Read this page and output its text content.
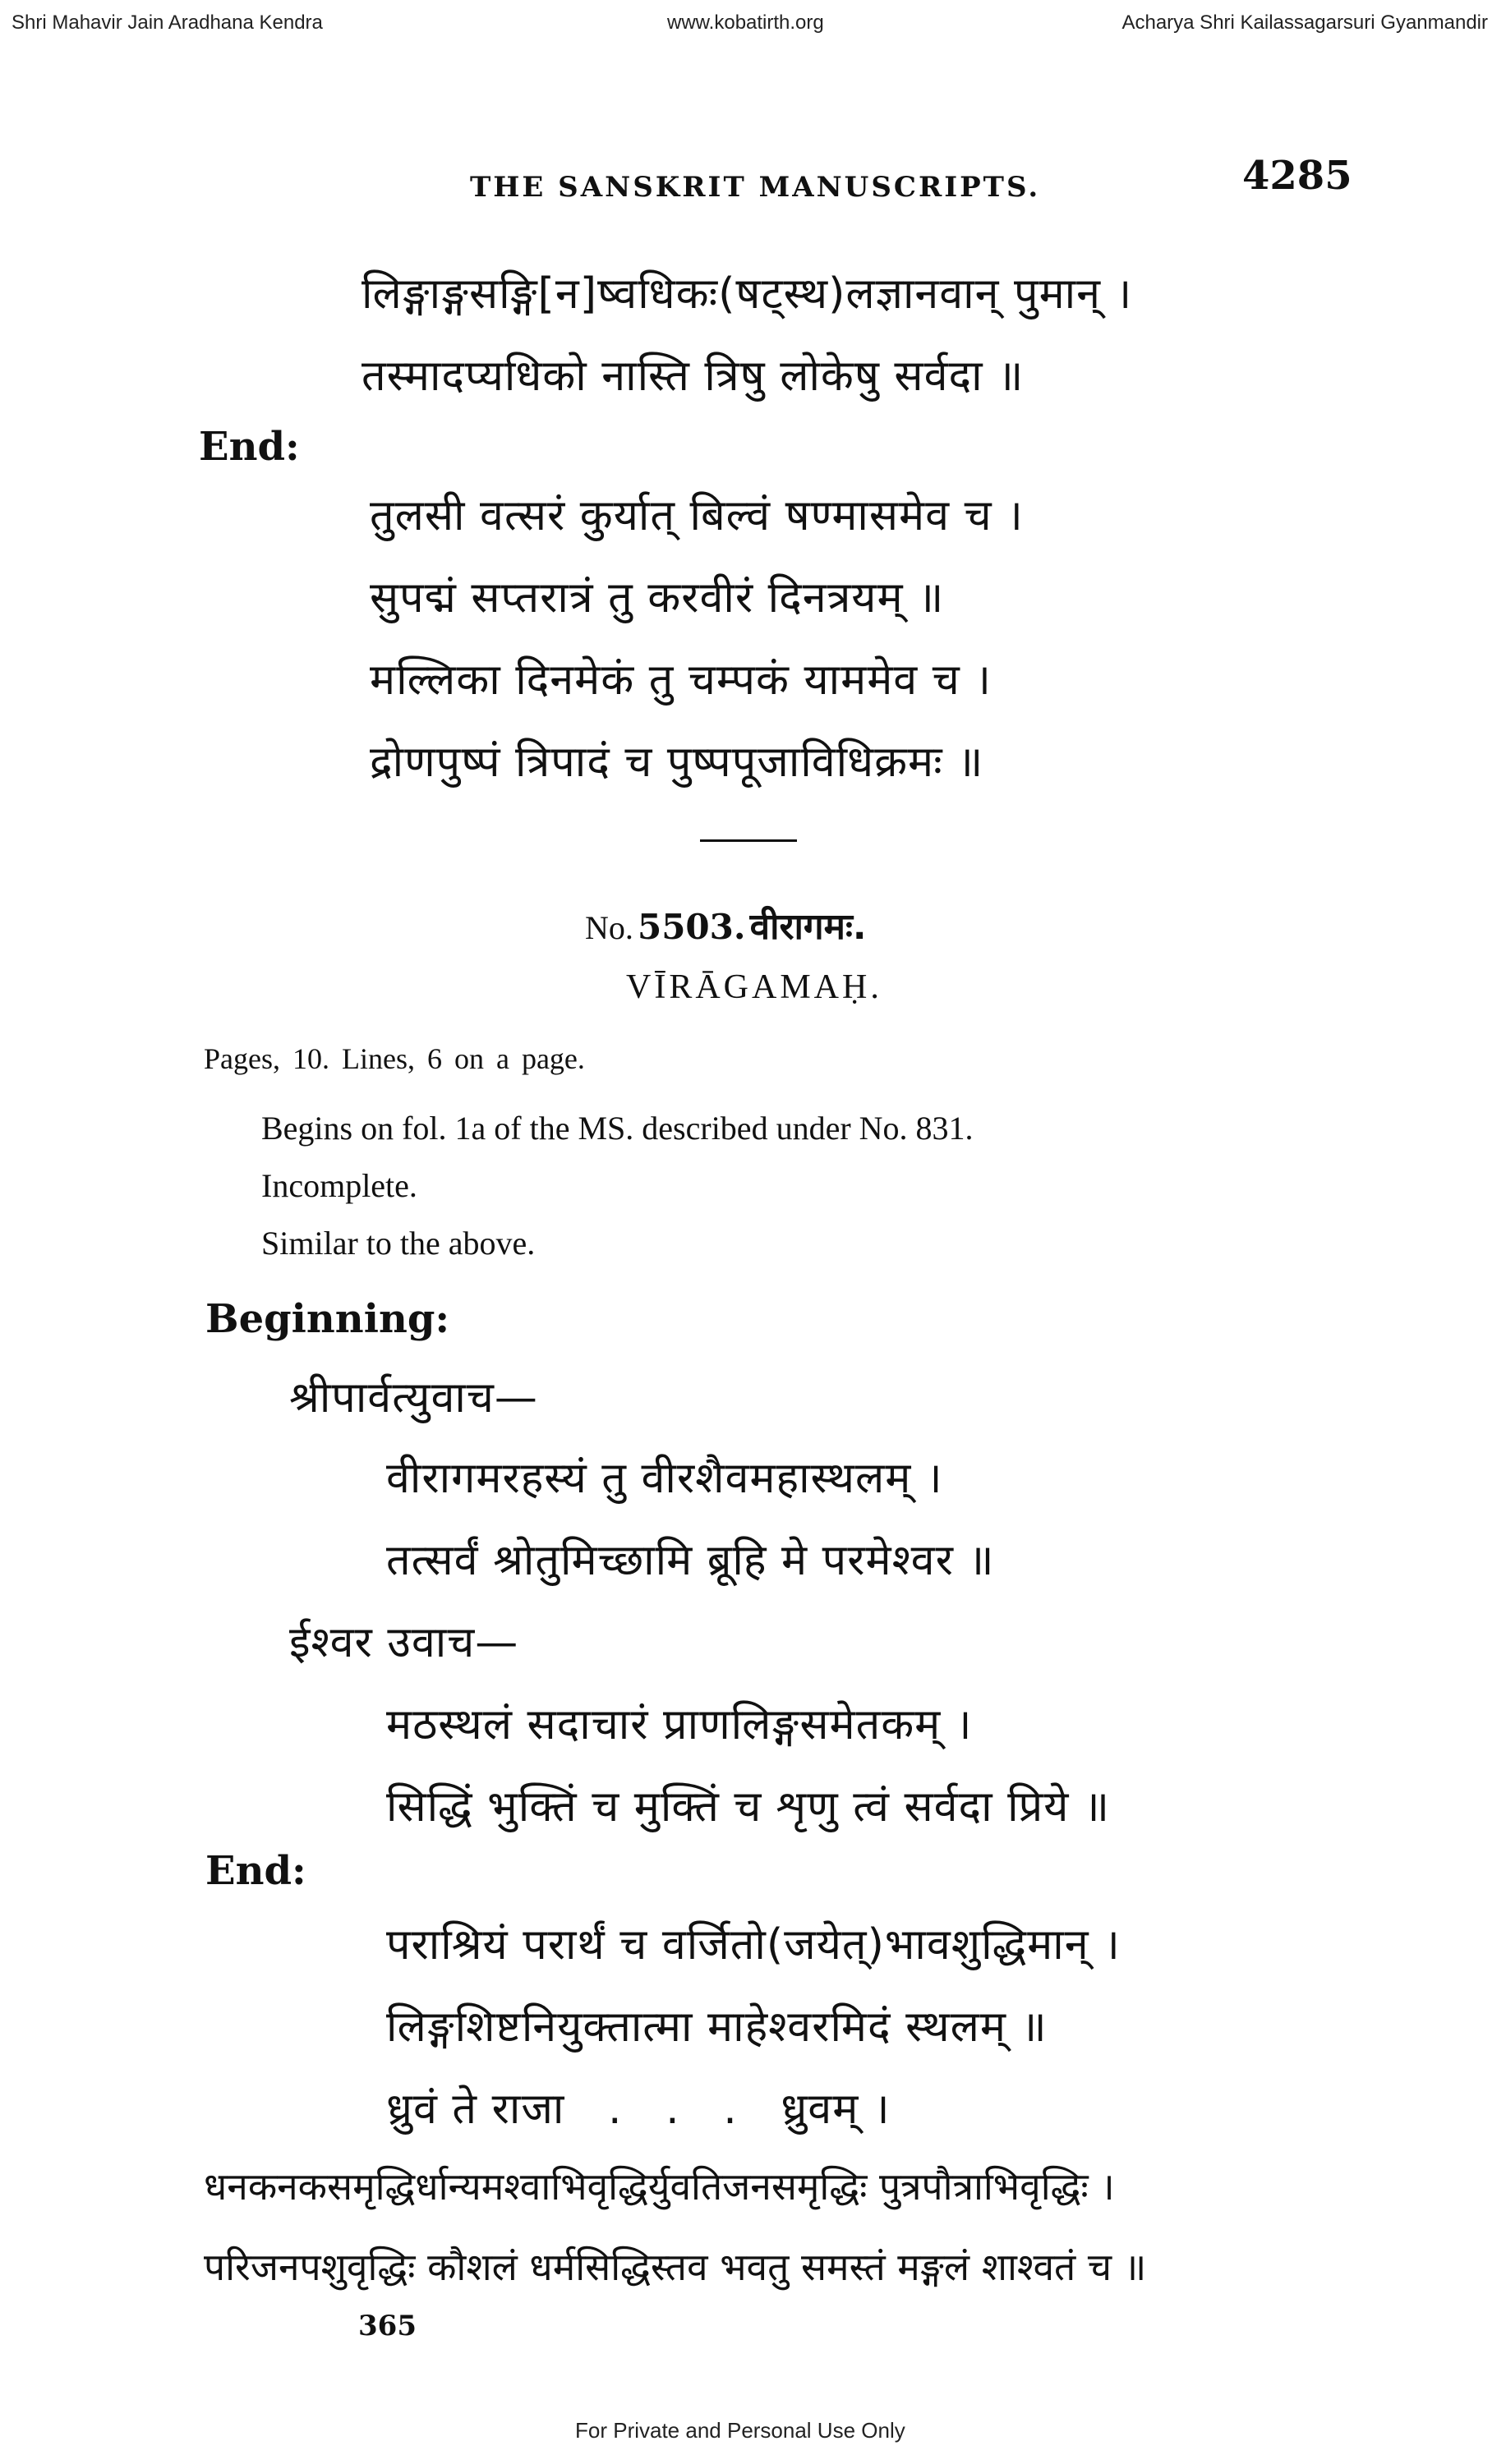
Shri Mahavir Jain Aradhana Kendra	www.kobatirth.org	Acharya Shri Kailassagarsuri Gyanmandir
THE SANSKRIT MANUSCRIPTS.	4285
लिङ्गाङ्गसङ्गि[न]ष्वधिकः(षट्स्थ)लज्ञानवान् पुमान् ।
तस्मादप्यधिको नास्ति त्रिषु लोकेषु सर्वदा ॥
End:
तुलसी वत्सरं कुर्यात् बिल्वं षण्मासमेव च ।
सुपद्मं सप्तरात्रं तु करवीरं दिनत्रयम् ॥
मल्लिका दिनमेकं तु चम्पकं याममेव च ।
द्रोणपुष्पं त्रिपादं च पुष्पपूजाविधिक्रमः ॥
No. 5503. वीरागमः.
VĪRĀGAMAḤ.
Pages, 10. Lines, 6 on a page.
Begins on fol. 1a of the MS. described under No. 831.
Incomplete.
Similar to the above.
Beginning:
श्रीपार्वत्युवाच—
वीरागमरहस्यं तु वीरशैवमहास्थलम् ।
तत्सर्वं श्रोतुमिच्छामि ब्रूहि मे परमेश्वर ॥
ईश्वर उवाच—
मठस्थलं सदाचारं प्राणलिङ्गसमेतकम् ।
सिद्धिं भुक्तिं च मुक्तिं च शृणु त्वं सर्वदा प्रिये ॥
End:
पराश्रियं परार्थं च वर्जितो(जयेत्)भावशुद्धिमान् ।
लिङ्गशिष्टनियुक्तात्मा माहेश्वरमिदं स्थलम् ॥
ध्रुवं ते राजा   .   .   .   ध्रुवम् ।
धनकनकसमृद्धिर्धान्यमश्वाभिवृद्धिर्युवतिजनसमृद्धिः पुत्रपौत्राभिवृद्धिः ।
परिजनपशुवृद्धिः कौशलं धर्मसिद्धिस्तव भवतु समस्तं मङ्गलं शाश्वतं च ॥
365
For Private and Personal Use Only
